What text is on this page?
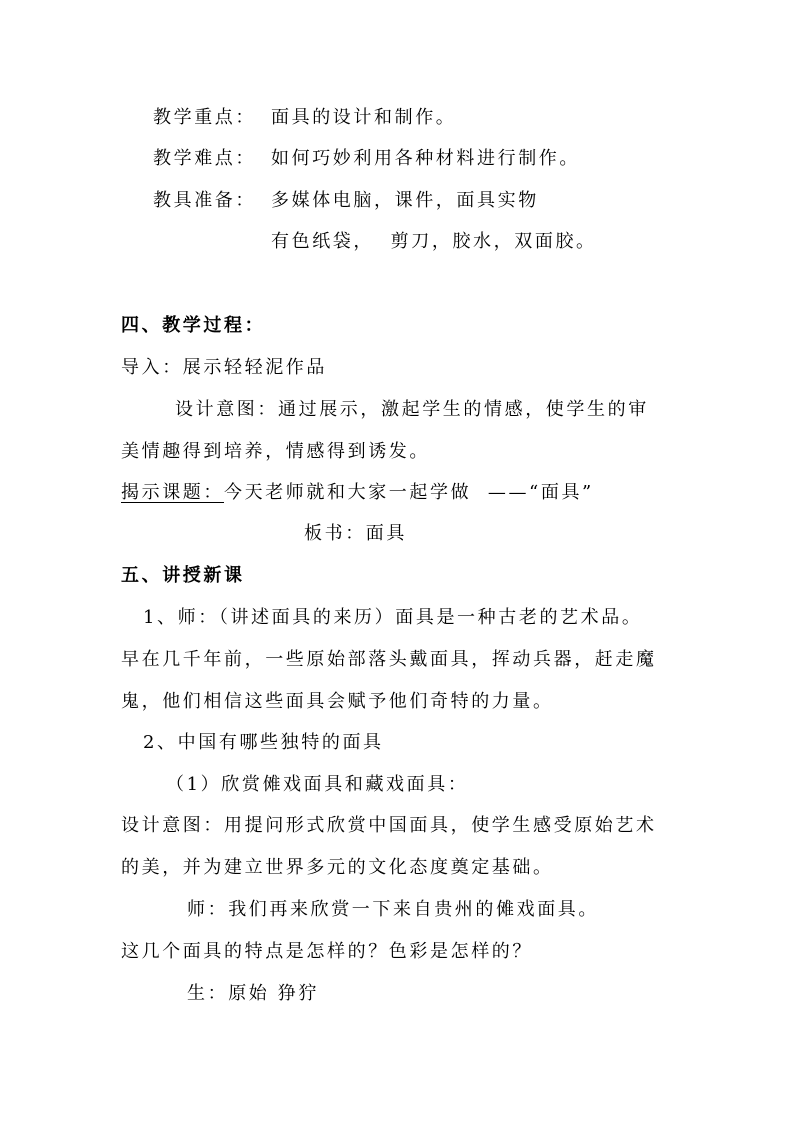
教学重点： 面具的设计和制作。
教学难点： 如何巧妙利用各种材料进行制作。
教具准备： 多媒体电脑，课件，面具实物
有色纸袋，  剪刀，胶水，双面胶。
四、教学过程：
导入：展示轻轻泥作品
设计意图：通过展示，激起学生的情感，使学生的审
美情趣得到培养，情感得到诱发。
揭示课题：今天老师就和大家一起学做  ——“面具”
板书：面具
五、讲授新课
1、师：（讲述面具的来历）面具是一种古老的艺术品。
早在几千年前，一些原始部落头戴面具，挥动兵器，赶走魔
鬼，他们相信这些面具会赋予他们奇特的力量。
2、中国有哪些独特的面具
（1）欣赏傩戏面具和藏戏面具：
设计意图：用提问形式欣赏中国面具，使学生感受原始艺术
的美，并为建立世界多元的文化态度奠定基础。
师：我们再来欣赏一下来自贵州的傩戏面具。
这几个面具的特点是怎样的？色彩是怎样的？
生：原始 狰狞
